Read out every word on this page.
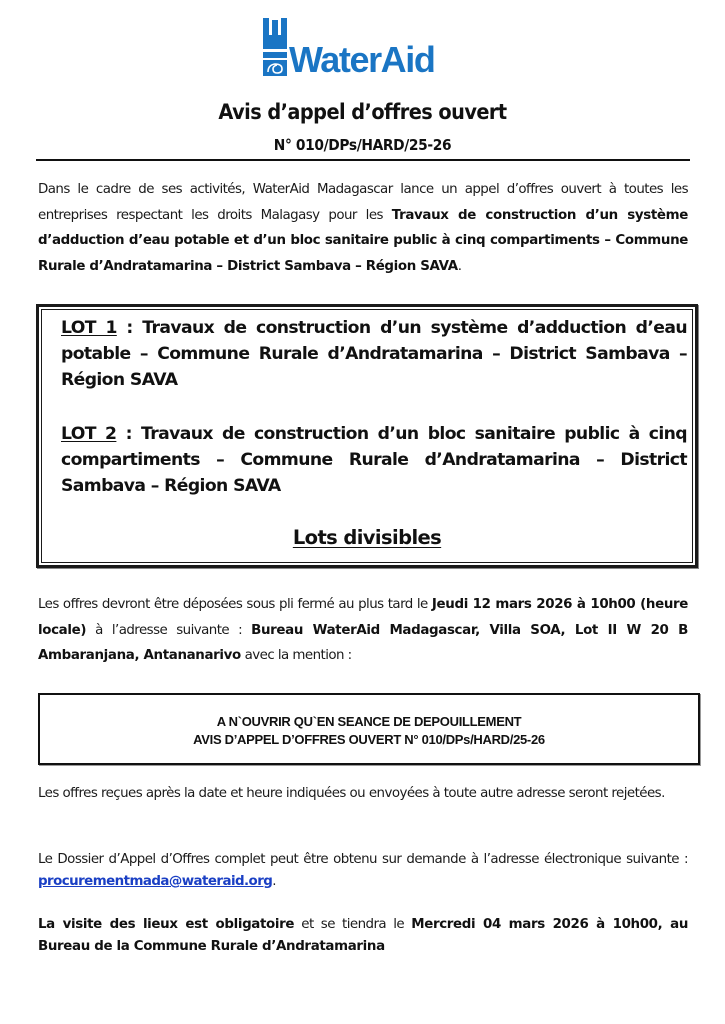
WaterAid
Avis d’appel d’offres ouvert
N° 010/DPs/HARD/25-26
Dans le cadre de ses activités, WaterAid Madagascar lance un appel d’offres ouvert à toutes les entreprises respectant les droits Malagasy pour les Travaux de construction d’un système d’adduction d’eau potable et d’un bloc sanitaire public à cinq compartiments – Commune Rurale d’Andratamarina – District Sambava – Région SAVA.
LOT 1 : Travaux de construction d’un système d’adduction d’eau potable – Commune Rurale d’Andratamarina – District Sambava – Région SAVA
LOT 2 : Travaux de construction d’un bloc sanitaire public à cinq compartiments – Commune Rurale d’Andratamarina – District Sambava – Région SAVA
Lots divisibles
Les offres devront être déposées sous pli fermé au plus tard le Jeudi 12 mars 2026 à 10h00 (heure locale) à l’adresse suivante : Bureau WaterAid Madagascar, Villa SOA, Lot II W 20 B Ambaranjana, Antananarivo avec la mention :
A N`OUVRIR QU`EN SEANCE DE DEPOUILLEMENT
AVIS D’APPEL D’OFFRES OUVERT N° 010/DPs/HARD/25-26
Les offres reçues après la date et heure indiquées ou envoyées à toute autre adresse seront rejetées.
Le Dossier d’Appel d’Offres complet peut être obtenu sur demande à l’adresse électronique suivante : procurementmada@wateraid.org.
La visite des lieux est obligatoire et se tiendra le Mercredi 04 mars 2026 à 10h00, au Bureau de la Commune Rurale d’Andratamarina
